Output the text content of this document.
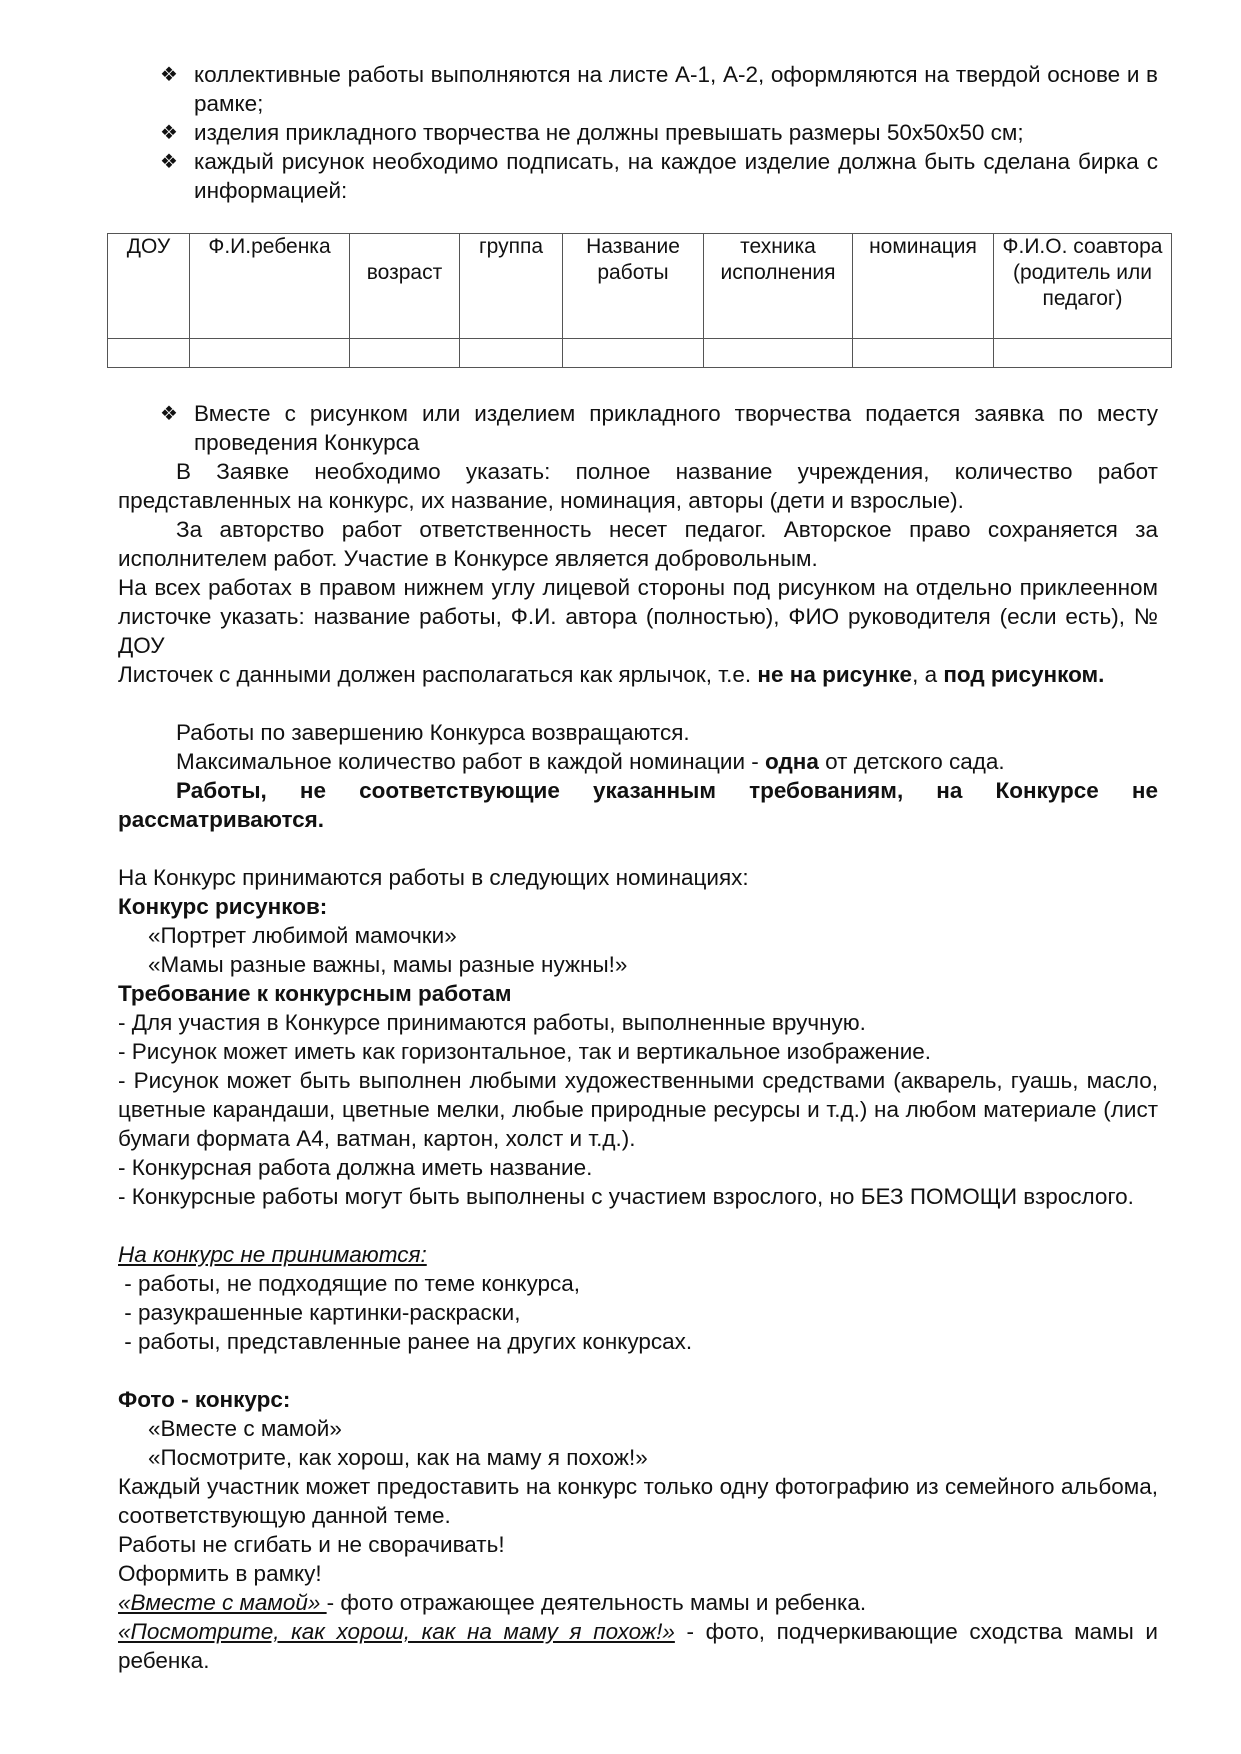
❖ коллективные работы выполняются на листе А-1, А-2, оформляются на твердой основе и в рамке;
❖ изделия прикладного творчества не должны превышать размеры 50х50х50 см;
❖ каждый рисунок необходимо подписать, на каждое изделие должна быть сделана бирка с информацией:
ДОУ	Ф.И.ребенка	возраст	группа	Название работы	техника исполнения	номинация	Ф.И.О. соавтора (родитель или педагог)

❖ Вместе с рисунком или изделием прикладного творчества подается заявка по месту проведения Конкурса

В Заявке необходимо указать: полное название учреждения, количество работ представленных на конкурс, их название, номинация, авторы (дети и взрослые).

За авторство работ ответственность несет педагог. Авторское право сохраняется за исполнителем работ. Участие в Конкурсе является добровольным.

На всех работах в правом нижнем углу лицевой стороны под рисунком на отдельно приклеенном листочке указать: название работы, Ф.И. автора (полностью), ФИО руководителя (если есть), № ДОУ

Листочек с данными должен располагаться как ярлычок, т.е. не на рисунке, а под рисунком.

Работы по завершению Конкурса возвращаются.

Максимальное количество работ в каждой номинации - одна от детского сада.

Работы, не соответствующие указанным требованиям, на Конкурсе не рассматриваются.

На Конкурс принимаются работы в следующих номинациях:

Конкурс рисунков:

«Портрет любимой мамочки»

«Мамы разные важны, мамы разные нужны!»

Требование к конкурсным работам

- Для участия в Конкурсе принимаются работы, выполненные вручную.

- Рисунок может иметь как горизонтальное, так и вертикальное изображение.

- Рисунок может быть выполнен любыми художественными средствами (акварель, гуашь, масло, цветные карандаши, цветные мелки, любые природные ресурсы и т.д.) на любом материале (лист бумаги формата А4, ватман, картон, холст и т.д.).

- Конкурсная работа должна иметь название.

- Конкурсные работы могут быть выполнены с участием взрослого, но БЕЗ ПОМОЩИ взрослого.

На конкурс не принимаются:

- работы, не подходящие по теме конкурса,

- разукрашенные картинки-раскраски,

- работы, представленные ранее на других конкурсах.

Фото - конкурс:

«Вместе с мамой»

«Посмотрите, как хорош, как на маму я похож!»

Каждый участник может предоставить на конкурс только одну фотографию из семейного альбома, соответствующую данной теме.

Работы не сгибать и не сворачивать!

Оформить в рамку!

«Вместе с мамой» - фото отражающее деятельность мамы и ребенка.

«Посмотрите, как хорош, как на маму я похож!» - фото, подчеркивающие сходства мамы и ребенка.
